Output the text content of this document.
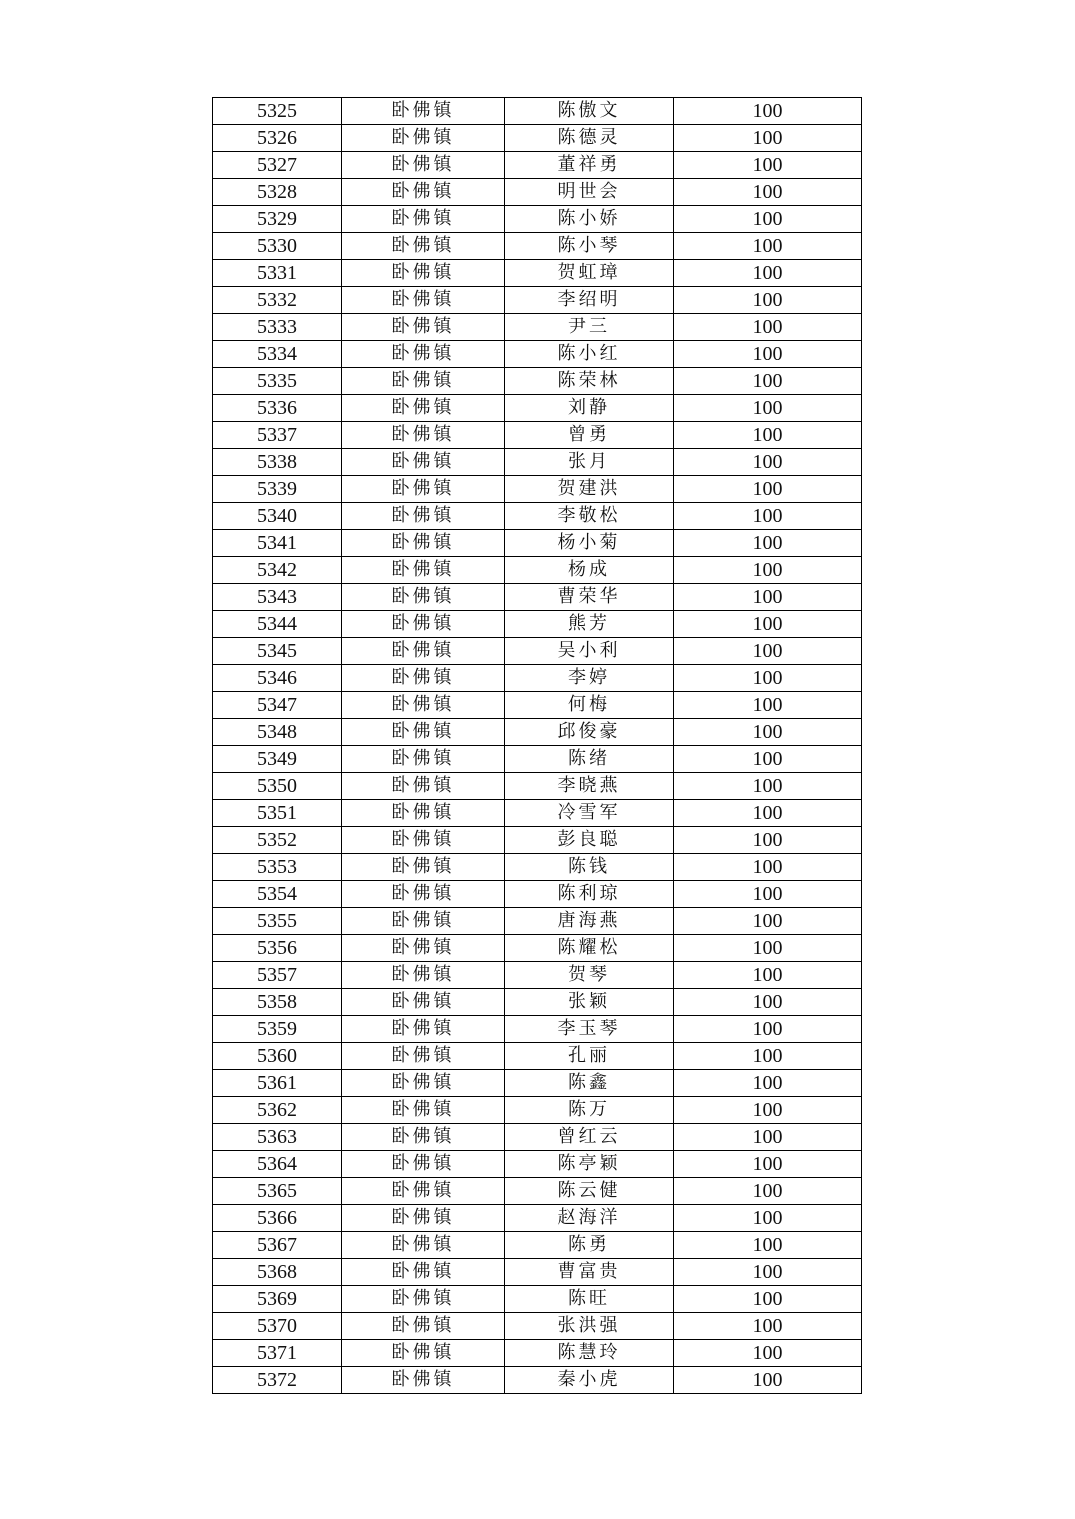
5325	卧佛镇	陈傲文	100
5326	卧佛镇	陈德灵	100
5327	卧佛镇	董祥勇	100
5328	卧佛镇	明世会	100
5329	卧佛镇	陈小娇	100
5330	卧佛镇	陈小琴	100
5331	卧佛镇	贺虹璋	100
5332	卧佛镇	李绍明	100
5333	卧佛镇	尹三	100
5334	卧佛镇	陈小红	100
5335	卧佛镇	陈荣林	100
5336	卧佛镇	刘静	100
5337	卧佛镇	曾勇	100
5338	卧佛镇	张月	100
5339	卧佛镇	贺建洪	100
5340	卧佛镇	李敬松	100
5341	卧佛镇	杨小菊	100
5342	卧佛镇	杨成	100
5343	卧佛镇	曹荣华	100
5344	卧佛镇	熊芳	100
5345	卧佛镇	吴小利	100
5346	卧佛镇	李婷	100
5347	卧佛镇	何梅	100
5348	卧佛镇	邱俊豪	100
5349	卧佛镇	陈绪	100
5350	卧佛镇	李晓燕	100
5351	卧佛镇	冷雪军	100
5352	卧佛镇	彭良聪	100
5353	卧佛镇	陈钱	100
5354	卧佛镇	陈利琼	100
5355	卧佛镇	唐海燕	100
5356	卧佛镇	陈耀松	100
5357	卧佛镇	贺琴	100
5358	卧佛镇	张颖	100
5359	卧佛镇	李玉琴	100
5360	卧佛镇	孔丽	100
5361	卧佛镇	陈鑫	100
5362	卧佛镇	陈万	100
5363	卧佛镇	曾红云	100
5364	卧佛镇	陈亭颖	100
5365	卧佛镇	陈云健	100
5366	卧佛镇	赵海洋	100
5367	卧佛镇	陈勇	100
5368	卧佛镇	曹富贵	100
5369	卧佛镇	陈旺	100
5370	卧佛镇	张洪强	100
5371	卧佛镇	陈慧玲	100
5372	卧佛镇	秦小虎	100
